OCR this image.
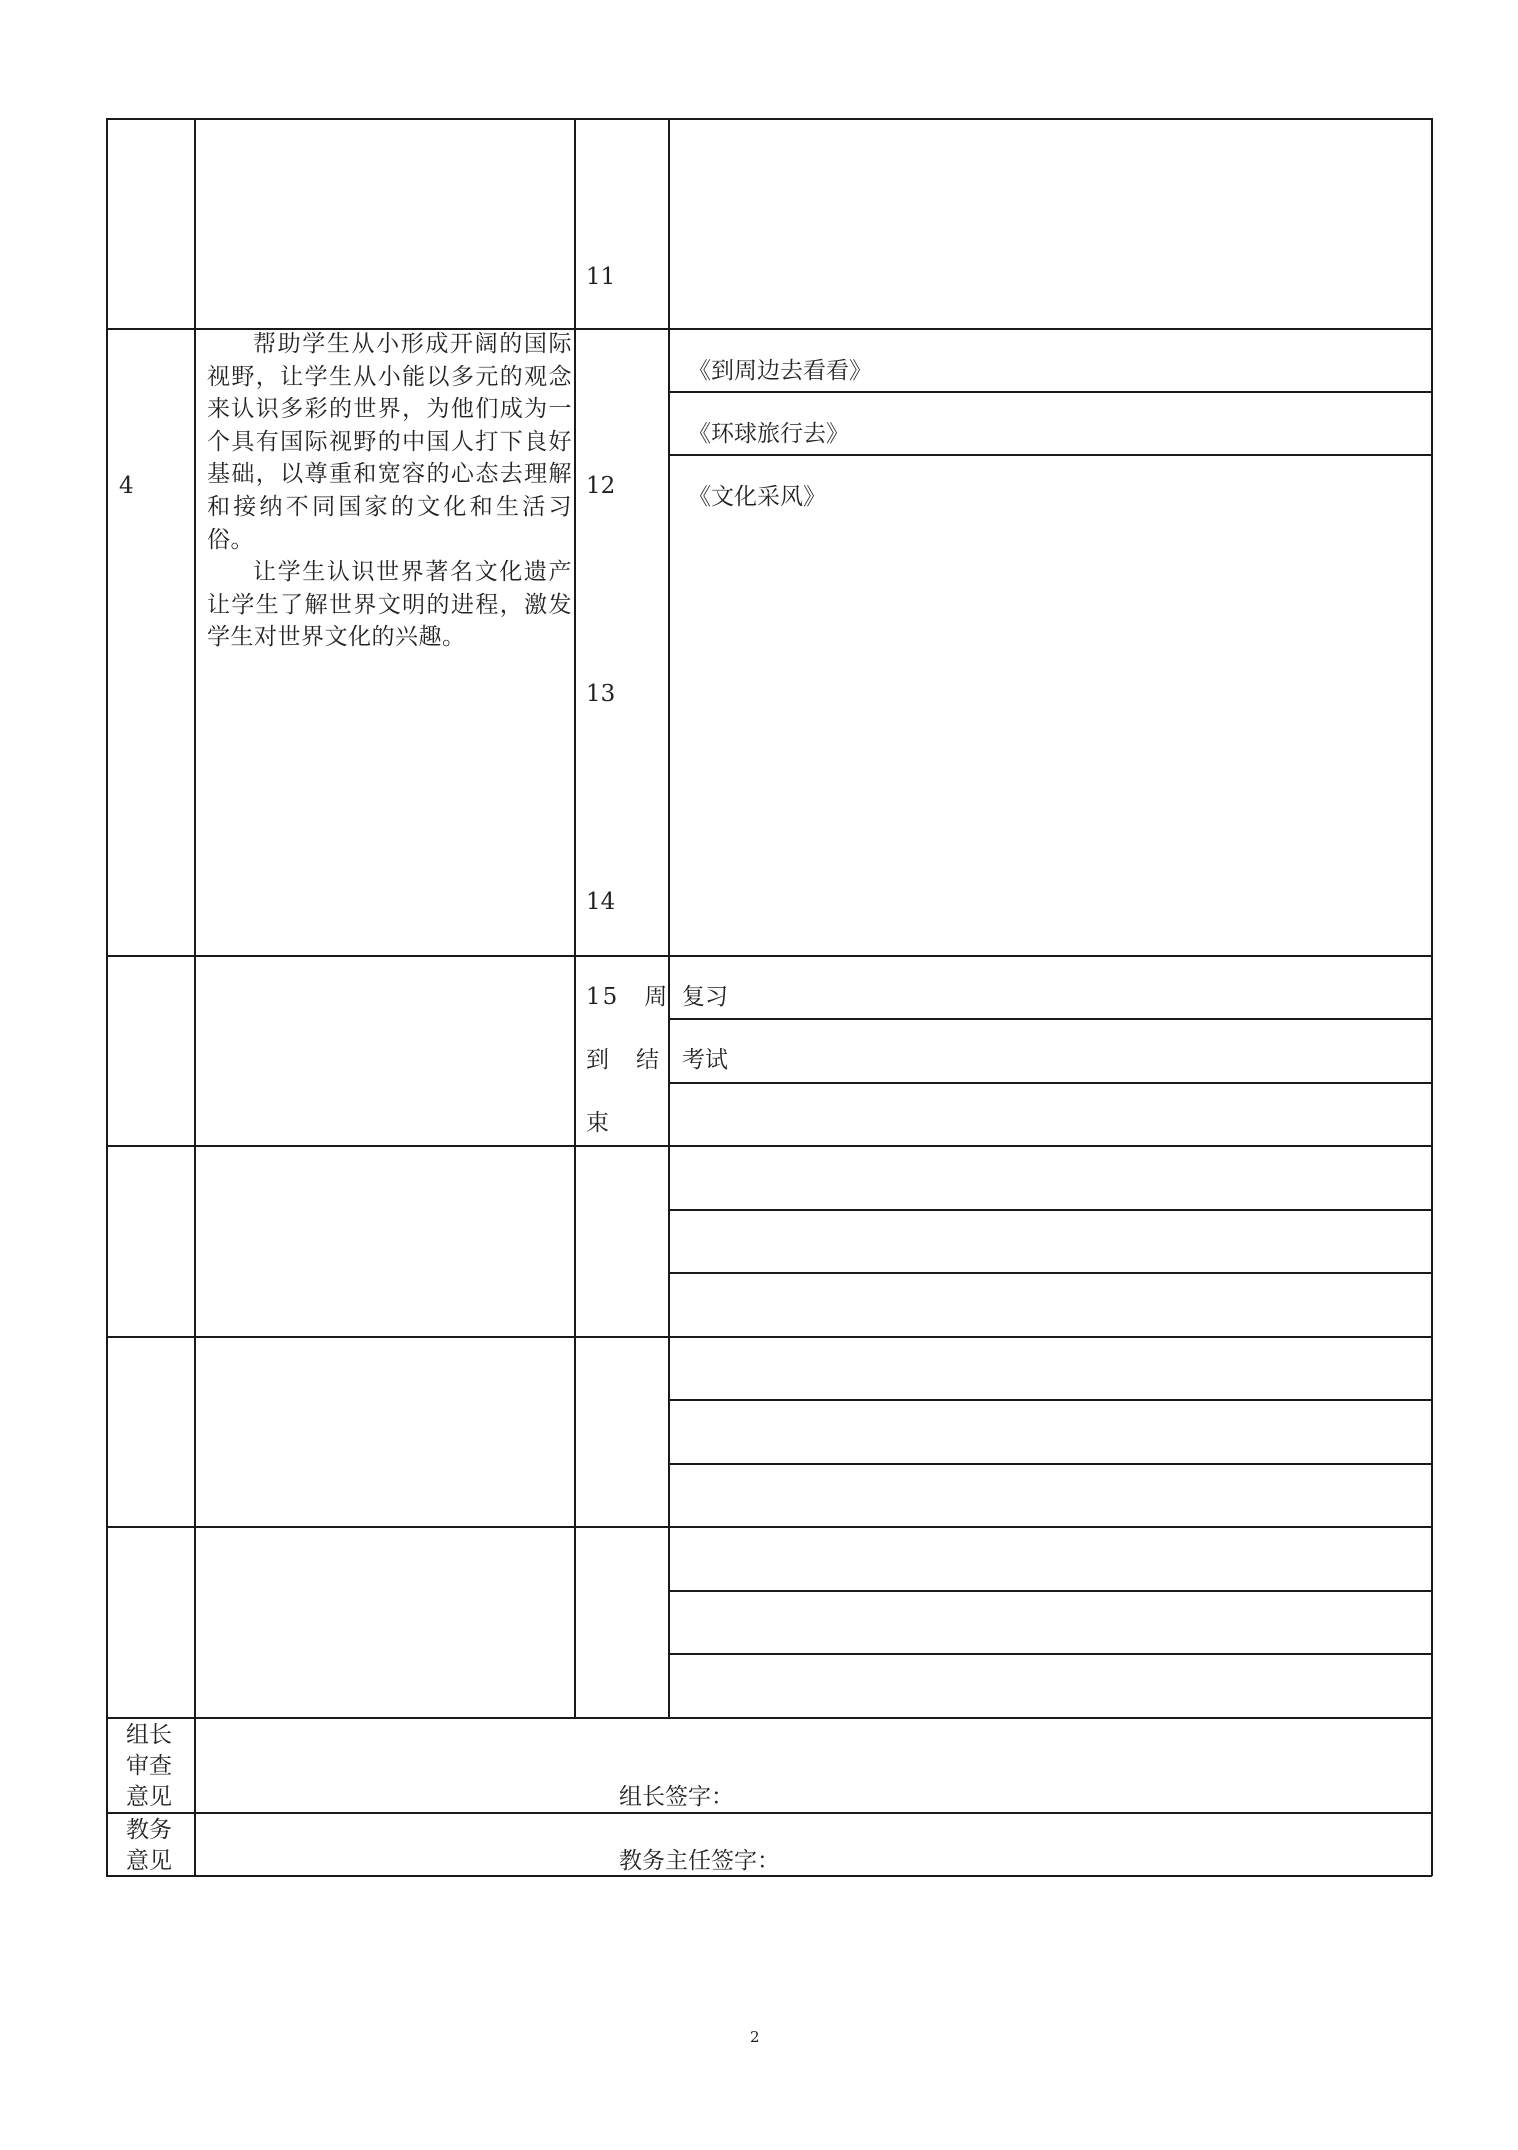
11
4

帮助学生从小形成开阔的国际视野，让学生从小能以多元的观念来认识多彩的世界，为他们成为一个具有国际视野的中国人打下良好基础，以尊重和宽容的心态去理解和接纳不同国家的文化和生活习俗。

让学生认识世界著名文化遗产让学生了解世界文明的进程，激发学生对世界文化的兴趣。

12
13
14
《到周边去看看》
《环球旅行去》
《文化采风》
15　周
到　结
束
复习
考试
组长
审查
意见	组长签字：
教务
意见	教务主任签字：
2
